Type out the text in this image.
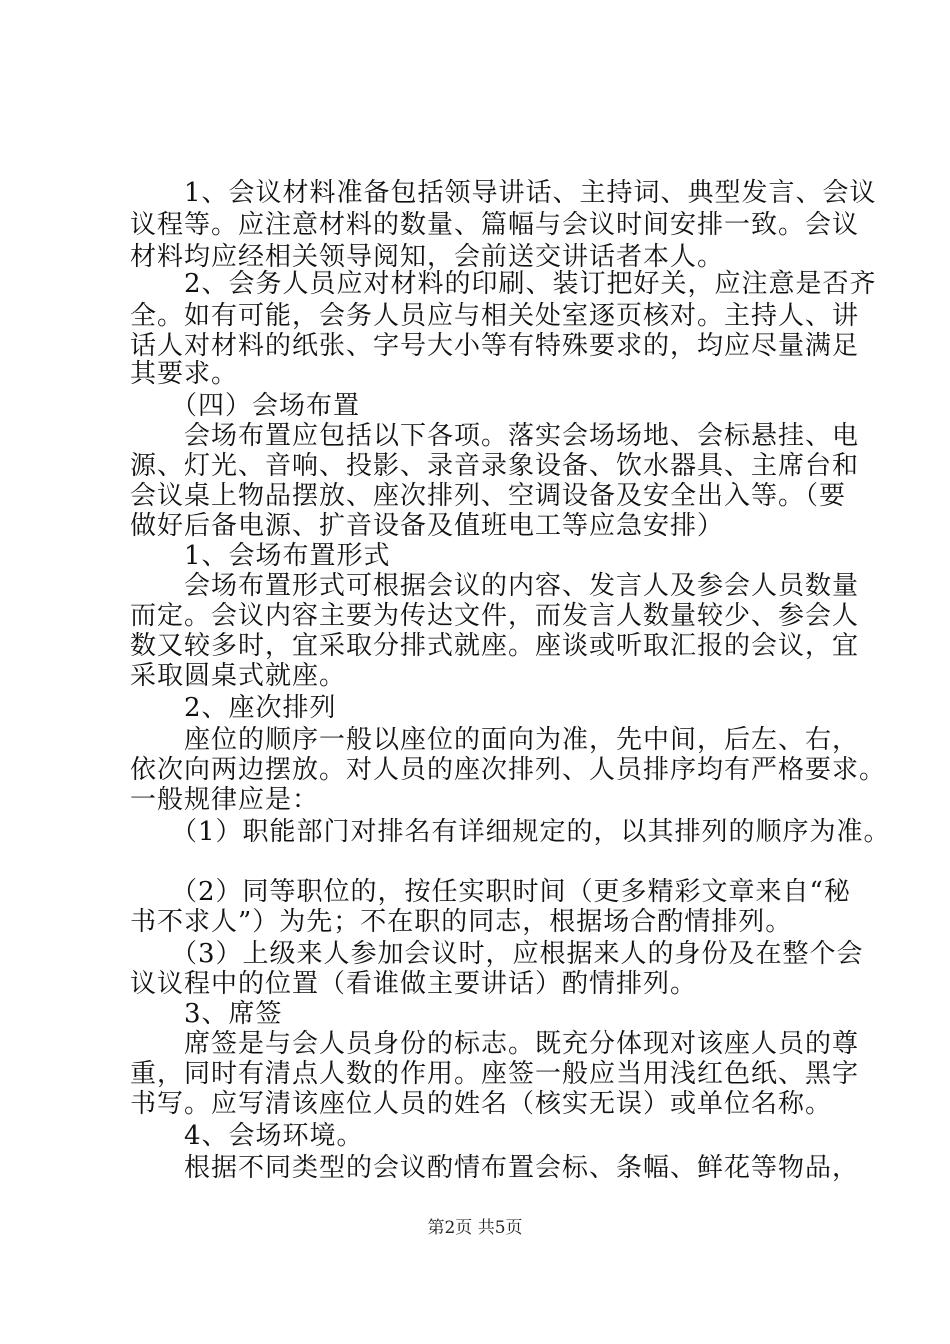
　　1、会议材料准备包括领导讲话、主持词、典型发言、会议
议程等。应注意材料的数量、篇幅与会议时间安排一致。会议
材料均应经相关领导阅知，会前送交讲话者本人。
　　2、会务人员应对材料的印刷、装订把好关，应注意是否齐
全。如有可能，会务人员应与相关处室逐页核对。主持人、讲
话人对材料的纸张、字号大小等有特殊要求的，均应尽量满足
其要求。
　　（四）会场布置
　　会场布置应包括以下各项。落实会场场地、会标悬挂、电
源、灯光、音响、投影、录音录象设备、饮水器具、主席台和
会议桌上物品摆放、座次排列、空调设备及安全出入等。（要
做好后备电源、扩音设备及值班电工等应急安排）
　　1、会场布置形式
　　会场布置形式可根据会议的内容、发言人及参会人员数量
而定。会议内容主要为传达文件，而发言人数量较少、参会人
数又较多时，宜采取分排式就座。座谈或听取汇报的会议，宜
采取圆桌式就座。
　　2、座次排列
　　座位的顺序一般以座位的面向为准，先中间，后左、右，
依次向两边摆放。对人员的座次排列、人员排序均有严格要求。
一般规律应是：
　　（1）职能部门对排名有详细规定的，以其排列的顺序为准。
　　（2）同等职位的，按任实职时间（更多精彩文章来自“秘
书不求人”）为先；不在职的同志，根据场合酌情排列。
　　（3）上级来人参加会议时，应根据来人的身份及在整个会
议议程中的位置（看谁做主要讲话）酌情排列。
　　3、席签
　　席签是与会人员身份的标志。既充分体现对该座人员的尊
重，同时有清点人数的作用。座签一般应当用浅红色纸、黑字
书写。应写清该座位人员的姓名（核实无误）或单位名称。
　　4、会场环境。
　　根据不同类型的会议酌情布置会标、条幅、鲜花等物品，
第2页 共5页
